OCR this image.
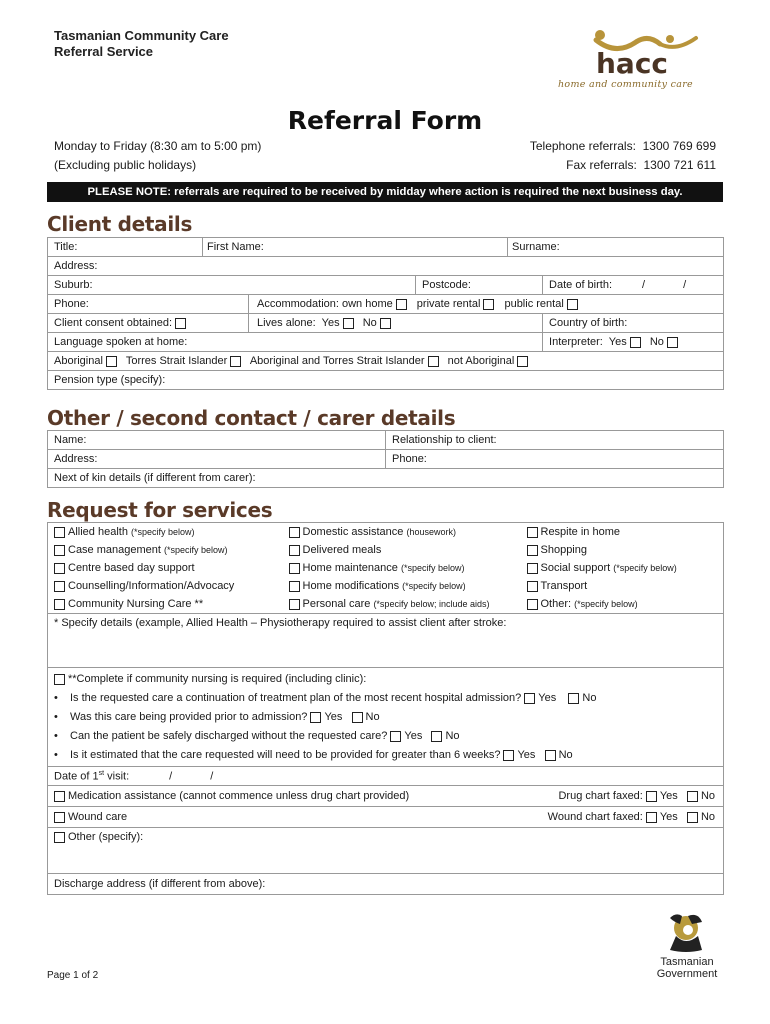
Tasmanian Community Care
Referral Service	hacc
home and community care
Referral Form
Monday to Friday (8:30 am to 5:00 pm)
(Excluding public holidays)
Telephone referrals: 1300 769 699
Fax referrals: 1300 721 611
PLEASE NOTE: referrals are required to be received by midday where action is required the next business day.
Client details
Title:	First Name:			Surname:	
Address:					
Suburb:			Postcode:		Date of birth: / /
Phone:		Accommodation: own home private rental public rental			
Client consent obtained:		Lives alone: Yes No			Country of birth:
Language spoken at home:					Interpreter: Yes No
Aboriginal Torres Strait Islander Aboriginal and Torres Strait Islander not Aboriginal					
Pension type (specify):					
Other / second contact / carer details
Name:	Relationship to client:
Address:	Phone:
Next of kin details (if different from carer):	
Request for services
Allied health (*specify below)	Domestic assistance (housework)	Respite in home
Case management (*specify below)	Delivered meals	Shopping
Centre based day support	Home maintenance (*specify below)	Social support (*specify below)
Counselling/Information/Advocacy	Home modifications (*specify below)	Transport
Community Nursing Care **	Personal care (*specify below; include aids)	Other: (*specify below)
* Specify details (example, Allied Health – Physiotherapy required to assist client after stroke:		

**Complete if community nursing is required (including clinic):
• Is the requested care a continuation of treatment plan of the most recent hospital admission? Yes No
• Was this care being provided prior to admission? Yes No
• Can the patient be safely discharged without the requested care? Yes No
• Is it estimated that the care requested will need to be provided for greater than 6 weeks? Yes No		

Date of 1st visit: / /		
Medication assistance (cannot commence unless drug chart provided)		Drug chart faxed: Yes No
Wound care		Wound chart faxed: Yes No
Other (specify):		
Discharge address (if different from above):		
Page 1 of 2
Tasmanian
Government
